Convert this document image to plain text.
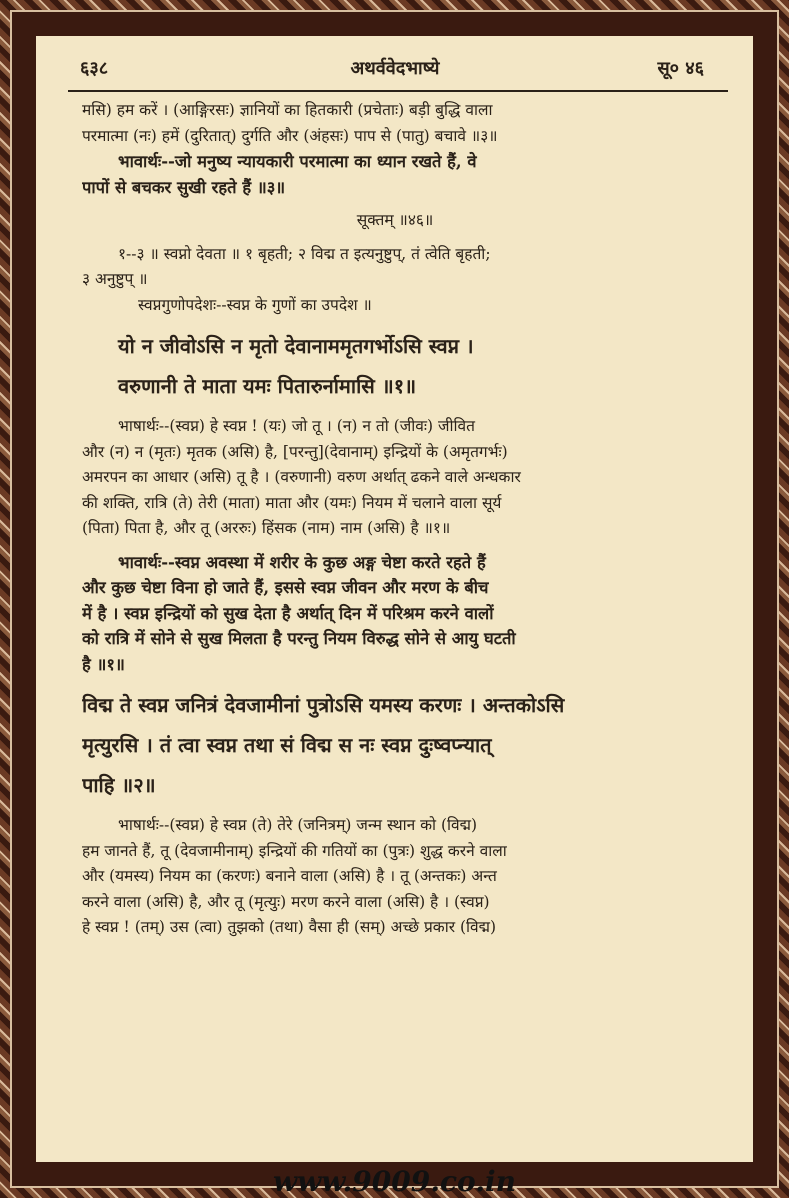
६३८	अथर्ववेदभाष्ये	सू० ४६
मसि) हम करें । (आङ्गिरसः) ज्ञानियों का हितकारी (प्रचेताः) बड़ी बुद्धि वाला
परमात्मा (नः) हमें (दुरितात्) दुर्गति और (अंहसः) पाप से (पातु) बचावे ॥३॥
भावार्थः--जो मनुष्य न्यायकारी परमात्मा का ध्यान रखते हैं, वे
पापों से बचकर सुखी रहते हैं ॥३॥
सूक्तम् ॥४६॥
१--३ ॥ स्वप्नो देवता ॥ १ बृहती; २ विद्म त इत्यनुष्टुप्, तं त्वेति बृहती;
३ अनुष्टुप् ॥
स्वप्नगुणोपदेशः--स्वप्न के गुणों का उपदेश ॥
यो न जीवोऽसि न मृतो देवानाममृतगर्भोऽसि स्वप्न ।
वरुणानी ते माता यमः पितारुर्नामासि ॥१॥
भाषार्थः--(स्वप्न) हे स्वप्न ! (यः) जो तू । (न) न तो (जीवः) जीवित
और (न) न (मृतः) मृतक (असि) है, [परन्तु](देवानाम्) इन्द्रियों के (अमृतगर्भः)
अमरपन का आधार (असि) तू है । (वरुणानी) वरुण अर्थात् ढकने वाले अन्धकार
की शक्ति, रात्रि (ते) तेरी (माता) माता और (यमः) नियम में चलाने वाला सूर्य
(पिता) पिता है, और तू (अररुः) हिंसक (नाम) नाम (असि) है ॥१॥
भावार्थः--स्वप्न अवस्था में शरीर के कुछ अङ्ग चेष्टा करते रहते हैं
और कुछ चेष्टा विना हो जाते हैं, इससे स्वप्न जीवन और मरण के बीच
में है । स्वप्न इन्द्रियों को सुख देता है अर्थात् दिन में परिश्रम करने वालों
को रात्रि में सोने से सुख मिलता है परन्तु नियम विरुद्ध सोने से आयु घटती
है ॥१॥
विद्म ते स्वप्न जनित्रं देवजामीनां पुत्रोऽसि यमस्य करणः । अन्तकोऽसि
मृत्युरसि । तं त्वा स्वप्न तथा सं विद्म स नः स्वप्न दुःष्वप्न्यात्
पाहि ॥२॥
भाषार्थः--(स्वप्न) हे स्वप्न (ते) तेरे (जनित्रम्) जन्म स्थान को (विद्म)
हम जानते हैं, तू (देवजामीनाम्) इन्द्रियों की गतियों का (पुत्रः) शुद्ध करने वाला
और (यमस्य) नियम का (करणः) बनाने वाला (असि) है । तू (अन्तकः) अन्त
करने वाला (असि) है, और तू (मृत्युः) मरण करने वाला (असि) है । (स्वप्न)
हे स्वप्न ! (तम्) उस (त्वा) तुझको (तथा) वैसा ही (सम्) अच्छे प्रकार (विद्म)
www.9009.co.in
